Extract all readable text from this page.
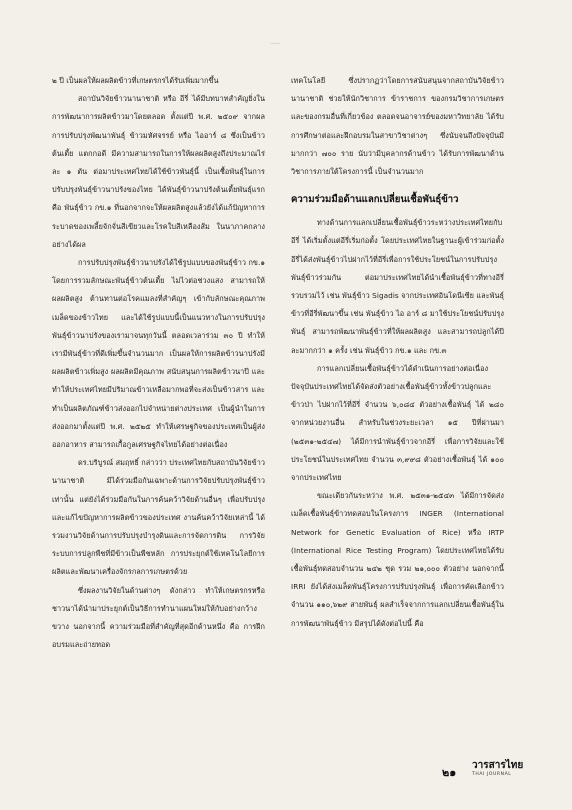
—

๒ ปี เป็นผลให้ผลผลิตข้าวที่เกษตรกรได้รับเพิ่มมากขึ้น

สถาบันวิจัยข้าวนานาชาติ หรือ อีรี่ ได้มีบทบาทสำคัญยิ่งในการพัฒนาการผลิตข้าวมาโดยตลอด ตั้งแต่ปี พ.ศ. ๒๕๐๙ จากผลการปรับปรุงพัฒนาพันธุ์ ข้าวมหัศจรรย์ หรือ ไออาร์ ๘ ซึ่งเป็นข้าวต้นเตี้ย แตกกอดี มีความสามารถในการให้ผลผลิตสูงถึงประมาณไร่ละ ๑ ตัน ต่อมาประเทศไทยได้ใช้ข้าวพันธุ์นี้ เป็นเชื้อพันธุ์ในการปรับปรุงพันธุ์ข้าวนาปรังของไทย ได้พันธุ์ข้าวนาปรังต้นเตี้ยพันธุ์แรก คือ พันธุ์ข้าว กข.๑ ที่นอกจากจะให้ผลผลิตสูงแล้วยังได้แก้ปัญหาการระบาดของเพลี้ยจักจั่นสีเขียวและโรคใบสีเหลืองส้ม ในนาภาคกลางอย่างได้ผล

การปรับปรุงพันธุ์ข้าวนาปรังได้ใช้รูปแบบของพันธุ์ข้าว กข.๑ โดยการรวมลักษณะพันธุ์ข้าวต้นเตี้ย ไม่ไวต่อช่วงแสง สามารถให้ผลผลิตสูง ต้านทานต่อโรคแมลงที่สำคัญๆ เข้ากับลักษณะคุณภาพเมล็ดของข้าวไทย และได้ใช้รูปแบบนี้เป็นแนวทางในการปรับปรุงพันธุ์ข้าวนาปรังของเรามาจนทุกวันนี้ ตลอดเวลาร่วม ๓๐ ปี ทำให้เรามีพันธุ์ข้าวที่ดีเพิ่มขึ้นจำนวนมาก เป็นผลให้การผลิตข้าวนาปรังมีผลผลิตข้าวเพิ่มสูง ผลผลิตมีคุณภาพ สนับสนุนการผลิตข้าวนาปี และทำให้ประเทศไทยมีปริมาณข้าวเหลือมากพอที่จะส่งเป็นข้าวสาร และทำเป็นผลิตภัณฑ์ข้าวส่งออกไปจำหน่ายต่างประเทศ เป็นผู้นำในการส่งออกมาตั้งแต่ปี พ.ศ. ๒๕๒๕ ทำให้เศรษฐกิจของประเทศเป็นผู้ส่งออกอาหาร สามารถเกื้อกูลเศรษฐกิจไทยได้อย่างต่อเนื่อง

ดร.บริบูรณ์ สมฤทธิ์ กล่าวว่า ประเทศไทยกับสถาบันวิจัยข้าวนานาชาติ มีได้ร่วมมือกันเฉพาะด้านการวิจัยปรับปรุงพันธุ์ข้าวเท่านั้น แต่ยังได้ร่วมมือกันในการค้นคว้าวิจัยด้านอื่นๆ เพื่อปรับปรุงและแก้ไขปัญหาการผลิตข้าวของประเทศ งานค้นคว้าวิจัยเหล่านี้ ได้รวมงานวิจัยด้านการปรับปรุงบำรุงดินและการจัดการดิน การวิจัยระบบการปลูกพืชที่มีข้าวเป็นพืชหลัก การประยุกต์ใช้เทคโนโลยีการผลิตและพัฒนาเครื่องจักรกลการเกษตรด้วย

ซึ่งผลงานวิจัยในด้านต่างๆ ดังกล่าว ทำให้เกษตรกรหรือชาวนาได้นำมาประยุกต์เป็นวิธีการทำนาแผนใหม่ให้กับอย่างกว้างขวาง นอกจากนี้ ความร่วมมือที่สำคัญที่สุดอีกด้านหนึ่ง คือ การฝึกอบรมและถ่ายทอด

เทคโนโลยี ซึ่งปรากฏว่าโดยการสนับสนุนจากสถาบันวิจัยข้าวนานาชาติ ช่วยให้นักวิชาการ ข้าราชการ ของกรมวิชาการเกษตร และของกรมอื่นที่เกี่ยวข้อง ตลอดจนอาจารย์ของมหาวิทยาลัย ได้รับการศึกษาต่อและฝึกอบรมในสาขาวิชาต่างๆ ซึ่งนับจนถึงปัจจุบันมีมากกว่า ๗๐๐ ราย นับว่ามีบุคลากรด้านข้าว ได้รับการพัฒนาด้านวิชาการภายใต้โครงการนี้ เป็นจำนวนมาก

ความร่วมมือด้านแลกเปลี่ยนเชื้อพันธุ์ข้าว

ทางด้านการแลกเปลี่ยนเชื้อพันธุ์ข้าวระหว่างประเทศไทยกับอีรี่ ได้เริ่มตั้งแต่อีรี่เริ่มก่อตั้ง โดยประเทศไทยในฐานะผู้เข้าร่วมก่อตั้งอีรี่ได้ส่งพันธุ์ข้าวไปฝากไว้ที่อีรี่เพื่อการใช้ประโยชน์ในการปรับปรุงพันธุ์ข้าวร่วมกัน ต่อมาประเทศไทยได้นำเชื้อพันธุ์ข้าวที่ทางอีรี่รวบรวมไว้ เช่น พันธุ์ข้าว Sigadis จากประเทศอินโดนีเซีย และพันธุ์ข้าวที่อีรี่พัฒนาขึ้น เช่น พันธุ์ข้าว ไอ อาร์ ๘ มาใช้ประโยชน์ปรับปรุงพันธุ์ สามารถพัฒนาพันธุ์ข้าวที่ให้ผลผลิตสูง และสามารถปลูกได้ปีละมากกว่า ๑ ครั้ง เช่น พันธุ์ข้าว กข.๑ และ กข.๓

การแลกเปลี่ยนเชื้อพันธุ์ข้าวได้ดำเนินการอย่างต่อเนื่อง ปัจจุบันประเทศไทยได้จัดส่งตัวอย่างเชื้อพันธุ์ข้าวทั้งข้าวปลูกและข้าวป่า ไปฝากไว้ที่อีรี่ จำนวน ๖,๐๘๔ ตัวอย่างเชื้อพันธุ์ ได้ ๒๘๐ จากหน่วยงานอื่น สำหรับในช่วงระยะเวลา ๑๕ ปีที่ผ่านมา (๒๕๓๑-๒๕๔๗) ได้มีการนำพันธุ์ข้าวจากอีรี่ เพื่อการวิจัยและใช้ประโยชน์ในประเทศไทย จำนวน ๓,๙๙๘ ตัวอย่างเชื้อพันธุ์ ได้ ๑๐๐ จากประเทศไทย

ขณะเดียวกันระหว่าง พ.ศ. ๒๕๓๑-๒๕๔๓ ได้มีการจัดส่งเมล็ดเชื้อพันธุ์ข้าวทดสอบในโครงการ INGER (International Network for Genetic Evaluation of Rice) หรือ IRTP (International Rice Testing Program) โดยประเทศไทยได้รับเชื้อพันธุ์ทดสอบจำนวน ๒๔๒ ชุด รวม ๒๑,๐๐๐ ตัวอย่าง นอกจากนี้ IRRI ยังได้ส่งเมล็ดพันธุ์โครงการปรับปรุงพันธุ์ เพื่อการคัดเลือกข้าวจำนวน ๑๑๐,๖๒๙ สายพันธุ์ ผลสำเร็จจากการแลกเปลี่ยนเชื้อพันธุ์ในการพัฒนาพันธุ์ข้าว มีสรุปได้ดังต่อไปนี้ คือ

๒๑
วารสารไทย
THAI JOURNAL
